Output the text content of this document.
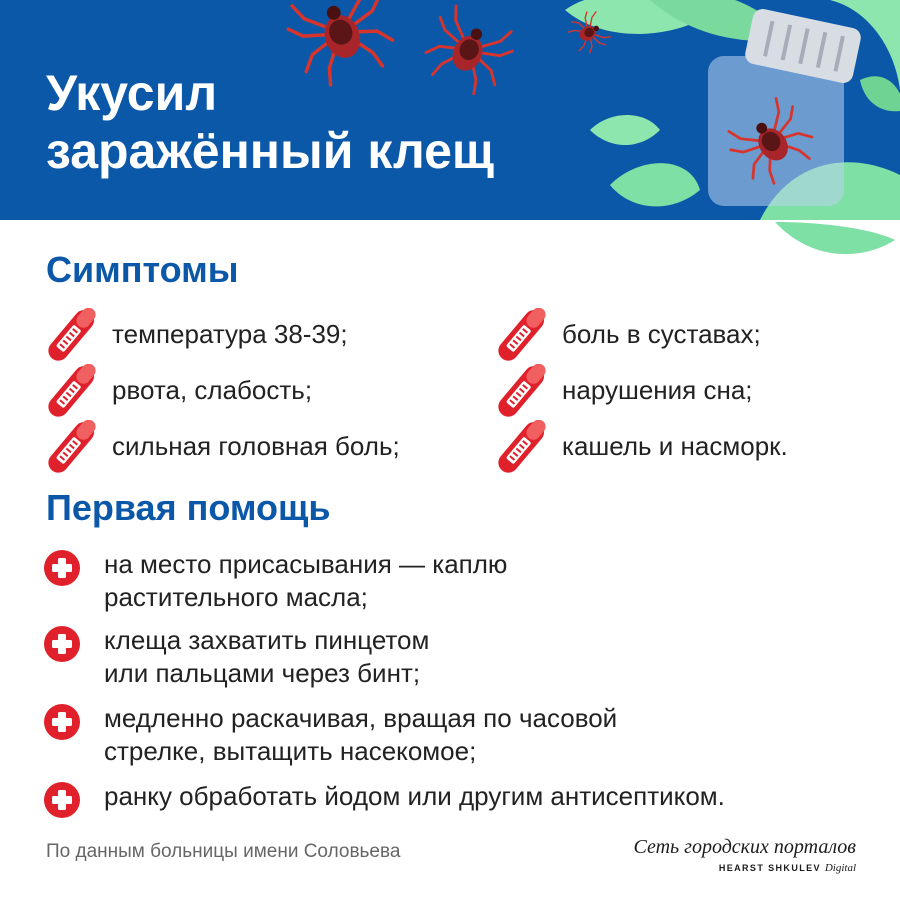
Укусил
заражённый клещ
Симптомы
температура 38-39;
рвота, слабость;
сильная головная боль;
боль в суставах;
нарушения сна;
кашель и насморк.
Первая помощь
на место присасывания — каплю
растительного масла;
клеща захватить пинцетом
или пальцами через бинт;
медленно раскачивая, вращая по часовой
стрелке, вытащить насекомое;
ранку обработать йодом или другим антисептиком.
По данным больницы имени Соловьева	Сеть городских порталов
HEARST SHKULEV Digital
